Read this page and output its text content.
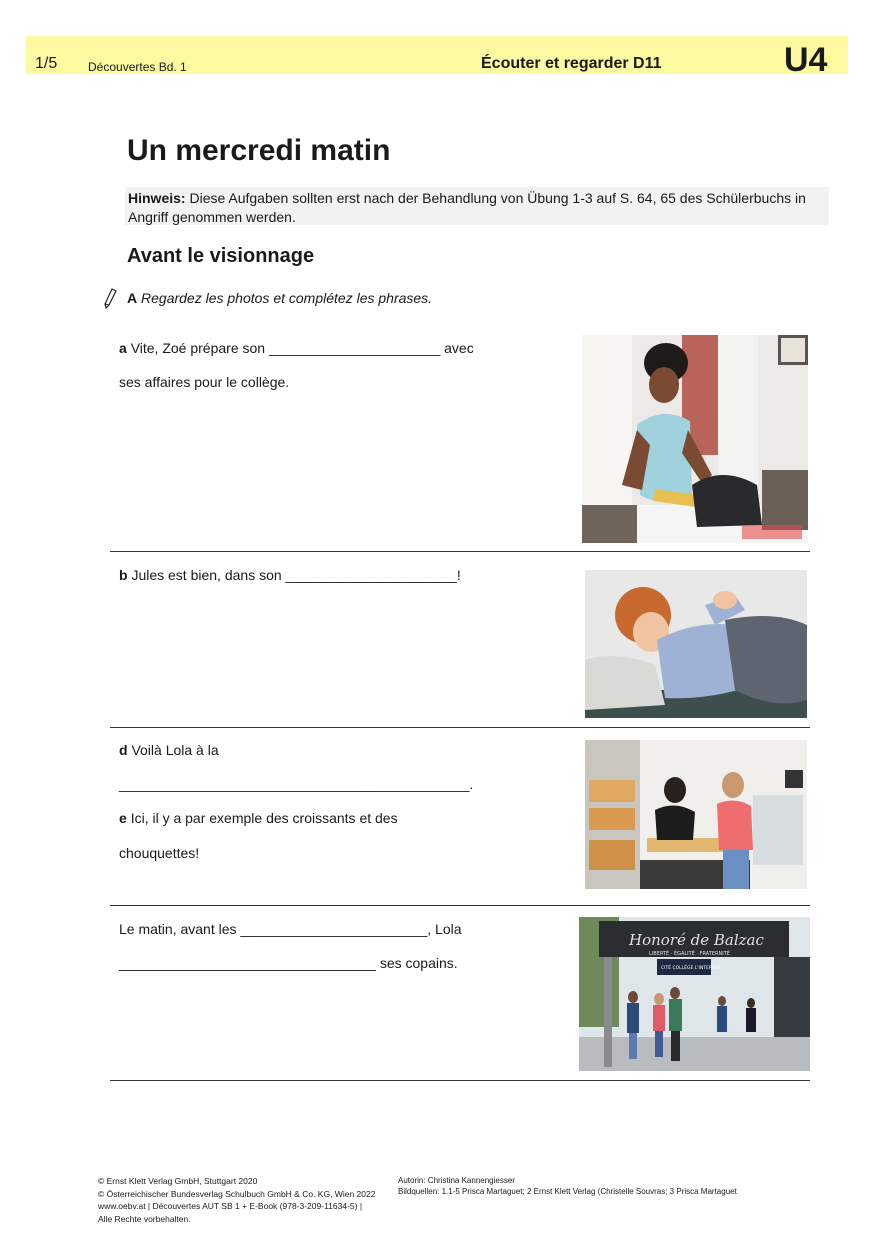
1/5	Découvertes Bd. 1	Écouter et regarder D11	U4
Un mercredi matin
Hinweis: Diese Aufgaben sollten erst nach der Behandlung von Übung 1-3 auf S. 64, 65 des Schülerbuchs in Angriff genommen werden.
Avant le visionnage
A Regardez les photos et complétez les phrases.
a Vite, Zoé prépare son ______________________ avec
ses affaires pour le collège.
b Jules est bien, dans son ______________________!
d Voilà Lola à la
_____________________________________________.
e Ici, il y a par exemple des croissants et des
chouquettes!
Le matin, avant les ________________________, Lola
_________________________________ ses copains.
Honoré de Balzac
LIBERTÉ · ÉGALITÉ · FRATERNITÉ
CITÉ COLLÈGE L'INTERNAT
© Ernst Klett Verlag GmbH, Stuttgart 2020
© Österreichischer Bundesverlag Schulbuch GmbH & Co. KG, Wien 2022
www.oebv.at | Découvertes AUT SB 1 + E-Book (978-3-209-11634-5) |
Alle Rechte vorbehalten.
Autorin: Christina Kannengiesser
Bildquellen: 1.1-5 Prisca Martaguet; 2 Ernst Klett Verlag (Christelle Souvras; 3 Prisca Martaguet
